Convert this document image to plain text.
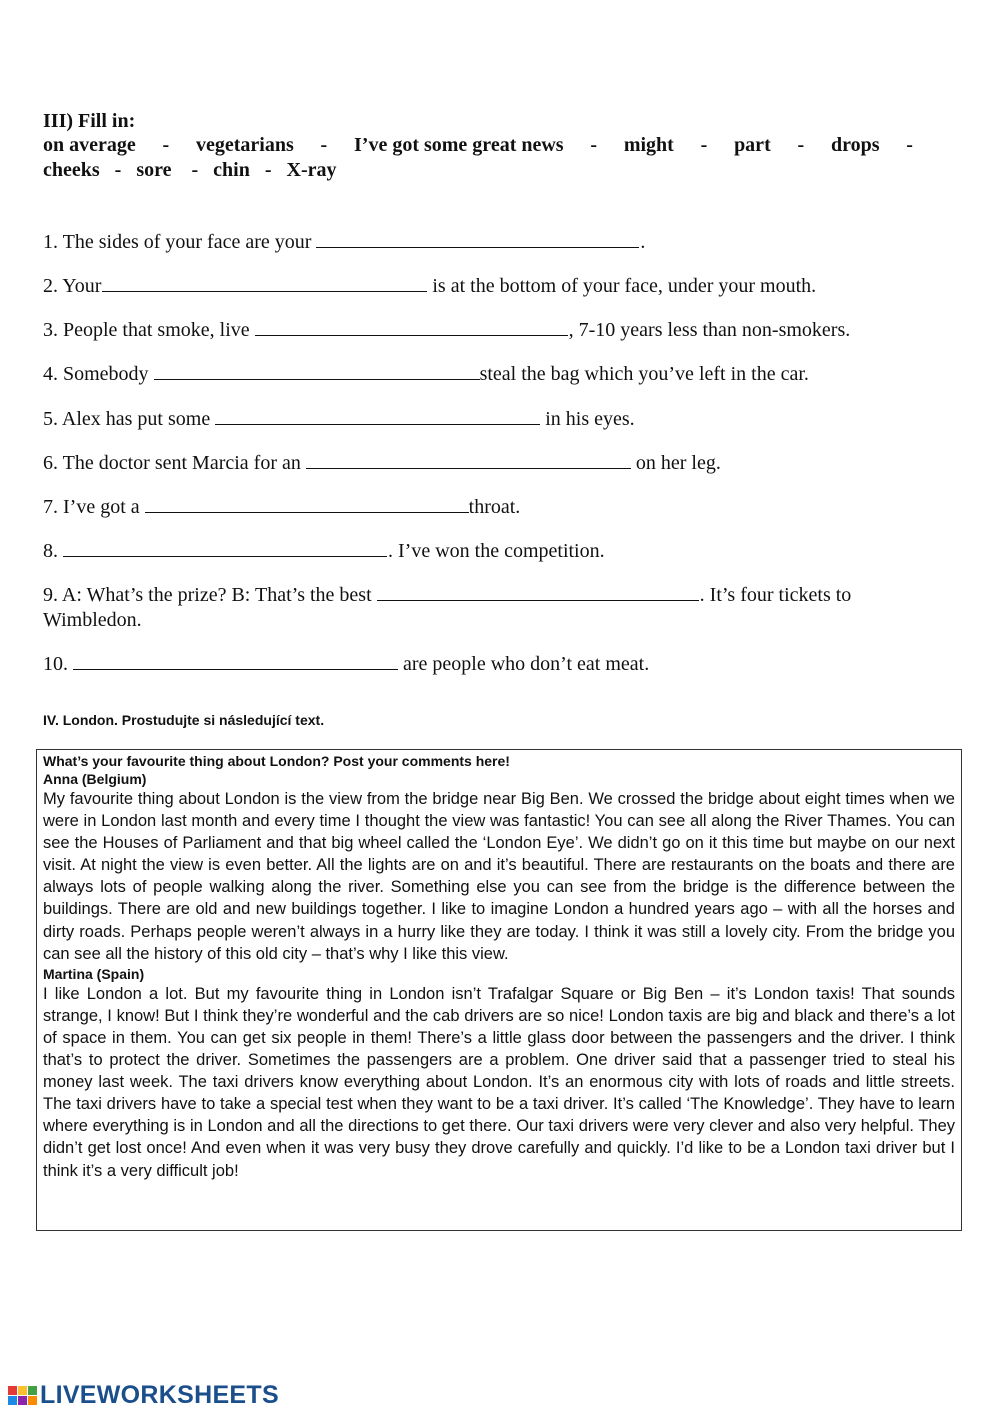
III) Fill in:
on average - vegetarians - I’ve got some great news - might - part - drops -
cheeks   -   sore    -   chin   -   X-ray
1. The sides of your face are your	.
2. Your	is at the bottom of your face, under your mouth.
3. People that smoke, live	, 7-10 years less than non-smokers.
4. Somebody	steal the bag which you’ve left in the car.
5. Alex has put some	in his eyes.
6. The doctor sent Marcia for an	on her leg.
7. I’ve got a	throat.
8.	. I’ve won the competition.
9. A: What’s the prize? B: That’s the best	. It’s four tickets to Wimbledon.
10.	are people who don’t eat meat.
IV. London. Prostudujte si následující text.
What’s your favourite thing about London? Post your comments here!
Anna (Belgium)

My favourite thing about London is the view from the bridge near Big Ben. We crossed the bridge about eight times when we were in London last month and every time I thought the view was fantastic! You can see all along the River Thames. You can see the Houses of Parliament and that big wheel called the ‘London Eye’. We didn’t go on it this time but maybe on our next visit. At night the view is even better. All the lights are on and it’s beautiful. There are restaurants on the boats and there are always lots of people walking along the river. Something else you can see from the bridge is the difference between the buildings. There are old and new buildings together. I like to imagine London a hundred years ago – with all the horses and dirty roads. Perhaps people weren’t always in a hurry like they are today. I think it was still a lovely city. From the bridge you can see all the history of this old city – that’s why I like this view.

Martina (Spain)

I like London a lot. But my favourite thing in London isn’t Trafalgar Square or Big Ben – it’s London taxis! That sounds strange, I know! But I think they’re wonderful and the cab drivers are so nice! London taxis are big and black and there’s a lot of space in them. You can get six people in them! There’s a little glass door between the passengers and the driver. I think that’s to protect the driver. Sometimes the passengers are a problem. One driver said that a passenger tried to steal his money last week. The taxi drivers know everything about London. It’s an enormous city with lots of roads and little streets. The taxi drivers have to take a special test when they want to be a taxi driver. It’s called ‘The Knowledge’. They have to learn where everything is in London and all the directions to get there. Our taxi drivers were very clever and also very helpful. They didn’t get lost once! And even when it was very busy they drove carefully and quickly. I’d like to be a London taxi driver but I think it’s a very difficult job!

LIVEWORKSHEETS
